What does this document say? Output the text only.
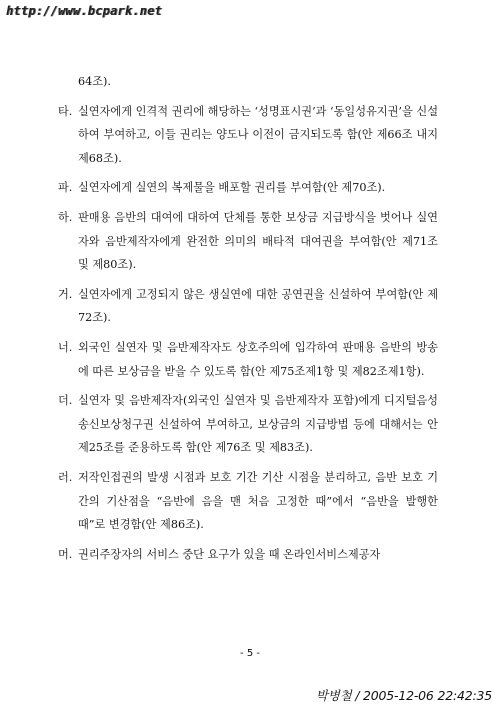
http://www.bcpark.net
64조).
타. 실연자에게 인격적 권리에 해당하는 ‘성명표시권’과 ‘동일성유지권’을 신설하여 부여하고, 이들 권리는 양도나 이전이 금지되도록 함(안 제66조 내지 제68조).
파. 실연자에게 실연의 복제물을 배포할 권리를 부여함(안 제70조).
하. 판매용 음반의 대여에 대하여 단체를 통한 보상금 지급방식을 벗어나 실연자와 음반제작자에게 완전한 의미의 배타적 대여권을 부여함(안 제71조 및 제80조).
거. 실연자에게 고정되지 않은 생실연에 대한 공연권을 신설하여 부여함(안 제72조).
너. 외국인 실연자 및 음반제작자도 상호주의에 입각하여 판매용 음반의 방송에 따른 보상금을 받을 수 있도록 함(안 제75조제1항 및 제82조제1항).
더. 실연자 및 음반제작자(외국인 실연자 및 음반제작자 포함)에게 디지털음성송신보상청구권 신설하여 부여하고, 보상금의 지급방법 등에 대해서는 안 제25조를 준용하도록 함(안 제76조 및 제83조).
러. 저작인접권의 발생 시점과 보호 기간 기산 시점을 분리하고, 음반 보호 기간의 기산점을 “음반에 음을 맨 처음 고정한 때”에서 “음반을 발행한 때”로 변경함(안 제86조).
머. 권리주장자의 서비스 중단 요구가 있을 때 온라인서비스제공자
- 5 -
박병철 / 2005-12-06 22:42:35
